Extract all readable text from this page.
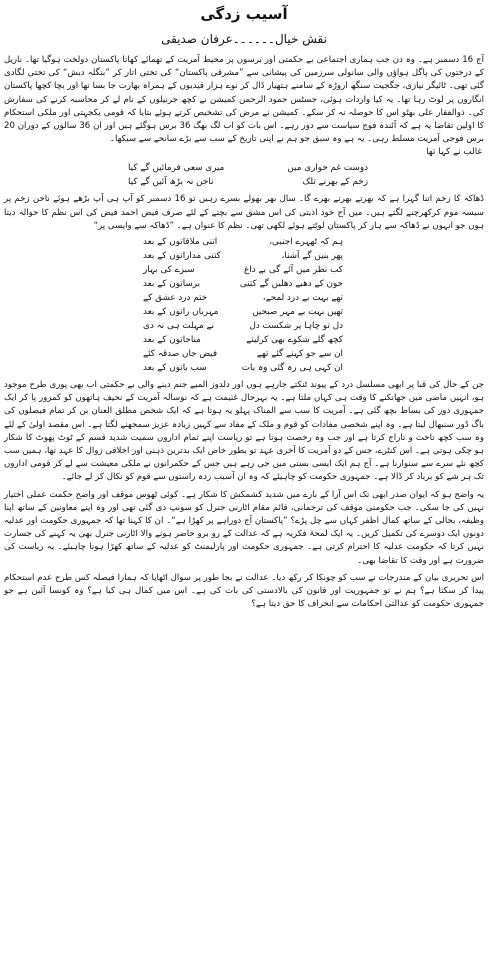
آسیب زدگی
نقش خیال۔۔۔۔۔۔عرفان صدیقی

آج 16 دسمبر ہے۔ وہ دن جب ہماری اجتماعی بے حکمتی اور برسوں پر محیط آمریت کے تھمائے کھاتا پاکستان دولخت ہوگیا تھا۔ ناریل کے درختوں کی پاگل ہواؤں والی سانولی سرزمین کی پیشانی سے ”مشرقی پاکستان“ کی تختی اتار کر ”بنگلہ دیش“ کی تختی لگادی گئی تھی۔ ٹائیگر نیازی، جگجیت سنگھ اروڑہ کے سامنے ہتھیار ڈال کر نوے ہزار قیدیوں کے ہمراہ بھارت جا بسا تھا اور بچا کچھا پاکستان انگاروں پر لوٹ رہا تھا۔ یہ کیا واردات ہوئی، جسٹس حمود الرحمن کمیشن نے کچھ جرنیلوں کے نام لے کر محاسبہ کرنے کی سفارش کی۔ ذوالفقار علی بھٹو اس کا حوصلہ نہ کر سکے۔ کمیشن نے مرض کی تشخیص کرتے ہوئے بتایا کہ قومی یکجہتی اور ملکی استحکام کا اولین تقاضا یہ ہے کہ آئندہ فوج سیاست سے دور رہے۔ اس بات کو اب لگ بھگ 36 برس ہوگئے ہیں اور ان 36 سالوں کے دوران 20 برس فوجی آمریت مسلط رہی۔ یہ ہے وہ سبق جو ہم نے اپنی تاریخ کے سب سے بڑے سانحے سے سیکھا۔

غالب نے کہا تھا
دوست غم خواری میں
میری سعی فرمائیں گے کیا
زخم کے بھرنے تلک
ناخن نہ بڑھ آئیں گے کیا

ڈھاکہ کا زخم اتنا گہرا ہے کہ بھرتے بھرتے بھرے گا۔ سال بھر بھولے بسرے رہیں تو 16 دسمبر کو آپ ہی آپ بڑھے ہوئے ناخن زخم پر سیسہ موم کرکھرچنے لگتے ہیں۔ میں آج خود اذیتی کی اس مشق سے بچنے کے لئے صرف فیض احمد فیض کی اس نظم کا حوالہ دیتا ہوں جو انہوں نے ڈھاکہ سے ہار کر پاکستان لوٹتے ہوئے لکھی تھی۔ نظم کا عنوان ہے۔ ”ڈھاکہ سے واپسی پر“

ہم کہ ٹھہرے اجنبی،
اتنی ملاقاتوں کے بعد
پھر بنیں گے آشنا،
کتنی مداراتوں کے بعد
کب نظر میں آئے گی بے داغ
سبزے کی بہار
خون کے دھبے دھلیں گے کتنی
برساتوں کے بعد
تھے بہت بے درد لمحے،
ختم درد عشق کے
تھیں بہت بے مہر صبحیں
مہرباں راتوں کے بعد
دل تو چاہا پر شکست دل
نے مہلت ہی نہ دی
کچھ گلے شکوے بھی کرلیتے
مناجاتوں کے بعد
ان سے جو کہنے گئے تھے
فیض جاں صدقہ کئے
ان کہی ہی رہ گئی وہ بات
سب باتوں کے بعد

جن کے حال کی قبا پر ابھی مسلسل درد کے پیوند ٹنکتے جارہے ہوں اور دلدوز المیے جنم دینے والی بے حکمتی اب بھی پوری طرح موجود ہو، انہیں ماضی میں جھانکنے کا وقت ہی کہاں ملتا ہے۔ یہ بہرحال غنیمت ہے کہ نوسالہ آمریت کے نحیف ہاتھوں کو کمزور پا کر ایک جمہوری دور کی بساط بچھ گئی ہے۔ آمریت کا سب سے المناک پہلو یہ ہوتا ہے کہ ایک شخص مطلق العنان بن کر تمام فیصلوں کی باگ ڈور سنبھال لیتا ہے۔ وہ اپنے شخصی مفادات کو قوم و ملک کے مفاد سے کہیں زیادہ عزیز سمجھنے لگتا ہے۔ اس مقصد اولیٰ کے لئے وہ سب کچھ تاخت و تاراج کرتا ہے اور جب وہ رخصت ہوتا ہے تو ریاست اپنے تمام اداروں سمیت شدید قسم کے ٹوٹ پھوٹ کا شکار ہو چکی ہوتی ہے۔ اس کنٹرے، جس کے دو آمریت کا آخری عہد تو بطور خاص ایک بدترین ذہنی اور اخلاقی زوال کا عہد تھا، ہمیں سب کچھ نئے سرے سے سنوارنا ہے۔ آج ہم ایک ایسی بستی میں جی رہے ہیں جس کے حکمرانوں نے ملکی معیشت سے لے کر قومی اداروں تک ہر شے کو برباد کر ڈالا ہے۔ جمہوری حکومت کو چاہیئے کہ وہ ان آسیب زدہ راستوں سے قوم کو نکال کر لے جائے۔

یہ واضح ہو کہ ایوان صدر ابھی تک اس آرا کے بارے میں شدید کشمکش کا شکار ہے۔ کوئی ٹھوس موقف اور واضح حکمت عملی اختیار نہیں کی جا سکی۔ جب حکومتی موقف کی ترجمانی، قائم مقام اٹارنی جنرل کو سونپ دی گئی تھی اور وہ اپنے معاونین کے ساتھ اپنا وظیفہ، بحالی کے ساتھ کمال اظفر کہاں سے چل پڑے؟ ”پاکستان آج دوراہے پر کھڑا ہے“۔ ان کا کہنا تھا کہ جمہوری حکومت اور عدلیہ دونوں ایک دوسرے کی تکمیل کریں۔ یہ ایک لمحۂ فکریہ ہے کہ عدالت کے رو برو حاضر ہونے والا اٹارنی جنرل بھی یہ کہنے کی جسارت نہیں کرتا کہ حکومت عدلیہ کا احترام کرتی ہے۔ جمہوری حکومت اور پارلیمنٹ کو عدلیہ کے ساتھ کھڑا ہونا چاہیئے۔ یہ ریاست کی ضرورت ہے اور وقت کا تقاضا بھی۔

اس تحریری بیان کے مندرجات نے سب کو چونکا کر رکھ دیا۔ عدالت نے بجا طور پر سوال اٹھایا کہ ہمارا فیصلہ کس طرح عدم استحکام پیدا کر سکتا ہے؟ ہم نے تو جمہوریت اور قانون کی بالادستی کی بات کی ہے۔ اس میں کمال ہی کیا ہے؟ وہ کونسا آئین ہے جو جمہوری حکومت کو عدالتی احکامات سے انحراف کا حق دیتا ہے؟
